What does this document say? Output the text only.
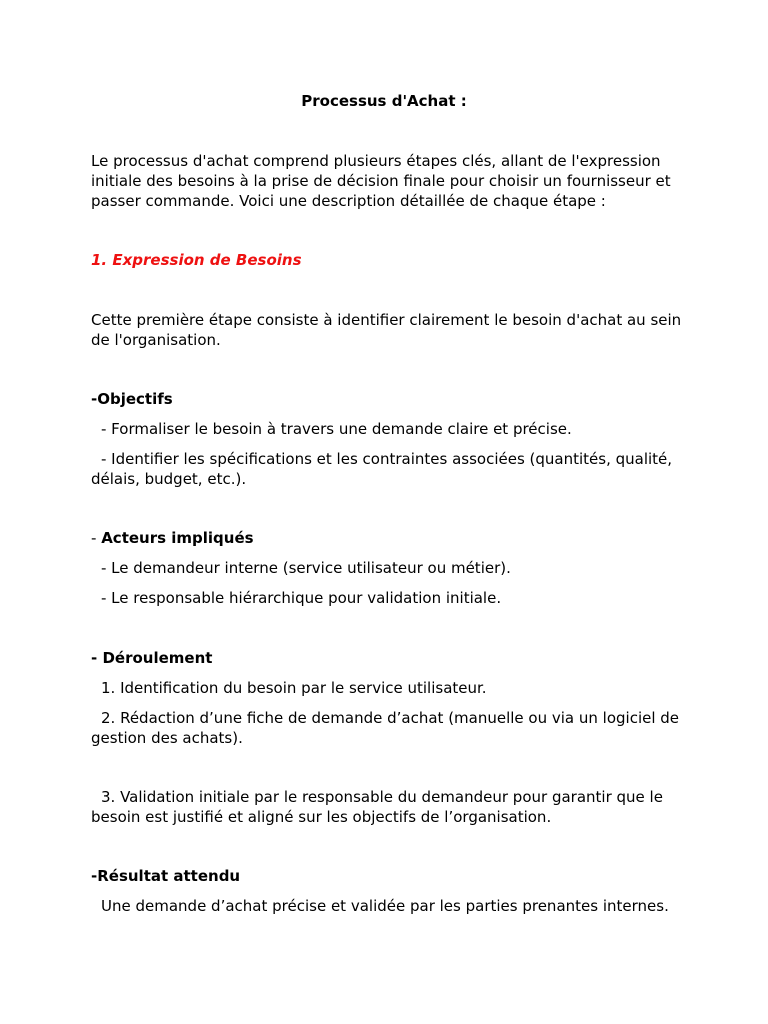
Processus d'Achat :

Le processus d'achat comprend plusieurs étapes clés, allant de l'expression initiale des besoins à la prise de décision finale pour choisir un fournisseur et passer commande. Voici une description détaillée de chaque étape :

1. Expression de Besoins

Cette première étape consiste à identifier clairement le besoin d'achat au sein de l'organisation.

-Objectifs

- Formaliser le besoin à travers une demande claire et précise.

- Identifier les spécifications et les contraintes associées (quantités, qualité, délais, budget, etc.).

- Acteurs impliqués

- Le demandeur interne (service utilisateur ou métier).

- Le responsable hiérarchique pour validation initiale.

- Déroulement

1. Identification du besoin par le service utilisateur.

2. Rédaction d’une fiche de demande d’achat (manuelle ou via un logiciel de gestion des achats).

3. Validation initiale par le responsable du demandeur pour garantir que le besoin est justifié et aligné sur les objectifs de l’organisation.

-Résultat attendu

Une demande d’achat précise et validée par les parties prenantes internes.
